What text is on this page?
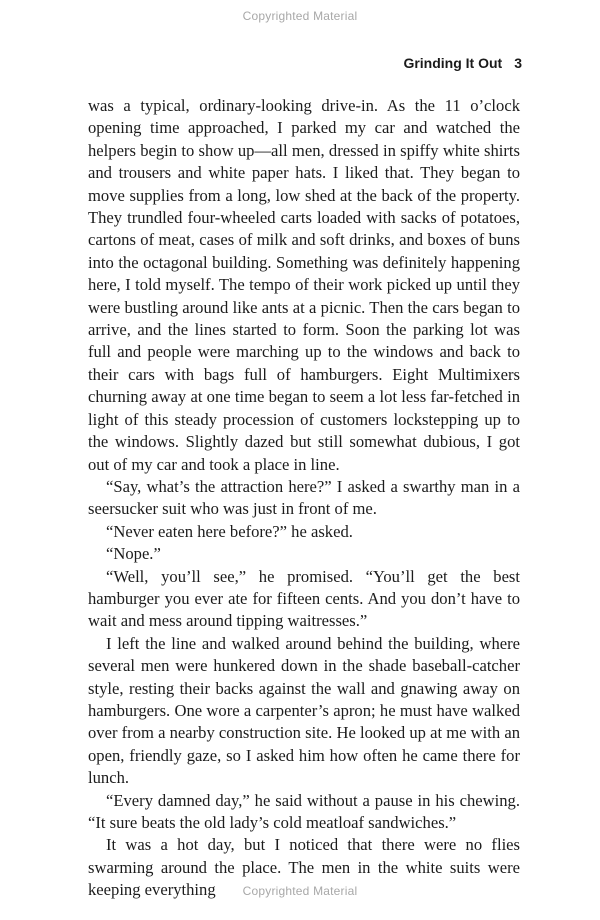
Copyrighted Material
Grinding It Out 3

was a typical, ordinary-looking drive-in. As the 11 o’clock opening time approached, I parked my car and watched the helpers begin to show up—all men, dressed in spiffy white shirts and trousers and white paper hats. I liked that. They began to move supplies from a long, low shed at the back of the property. They trundled four-wheeled carts loaded with sacks of potatoes, cartons of meat, cases of milk and soft drinks, and boxes of buns into the octagonal building. Something was definitely happening here, I told myself. The tempo of their work picked up until they were bustling around like ants at a picnic. Then the cars began to arrive, and the lines started to form. Soon the parking lot was full and people were marching up to the windows and back to their cars with bags full of hamburgers. Eight Multimixers churning away at one time began to seem a lot less far-fetched in light of this steady procession of customers lockstepping up to the windows. Slightly dazed but still somewhat dubious, I got out of my car and took a place in line.

“Say, what’s the attraction here?” I asked a swarthy man in a seersucker suit who was just in front of me.

“Never eaten here before?” he asked.

“Nope.”

“Well, you’ll see,” he promised. “You’ll get the best hamburger you ever ate for fifteen cents. And you don’t have to wait and mess around tipping waitresses.”

I left the line and walked around behind the building, where several men were hunkered down in the shade baseball-catcher style, resting their backs against the wall and gnawing away on hamburgers. One wore a carpenter’s apron; he must have walked over from a nearby construction site. He looked up at me with an open, friendly gaze, so I asked him how often he came there for lunch.

“Every damned day,” he said without a pause in his chewing. “It sure beats the old lady’s cold meatloaf sandwiches.”

It was a hot day, but I noticed that there were no flies swarming around the place. The men in the white suits were keeping everything	Copyrighted Material
